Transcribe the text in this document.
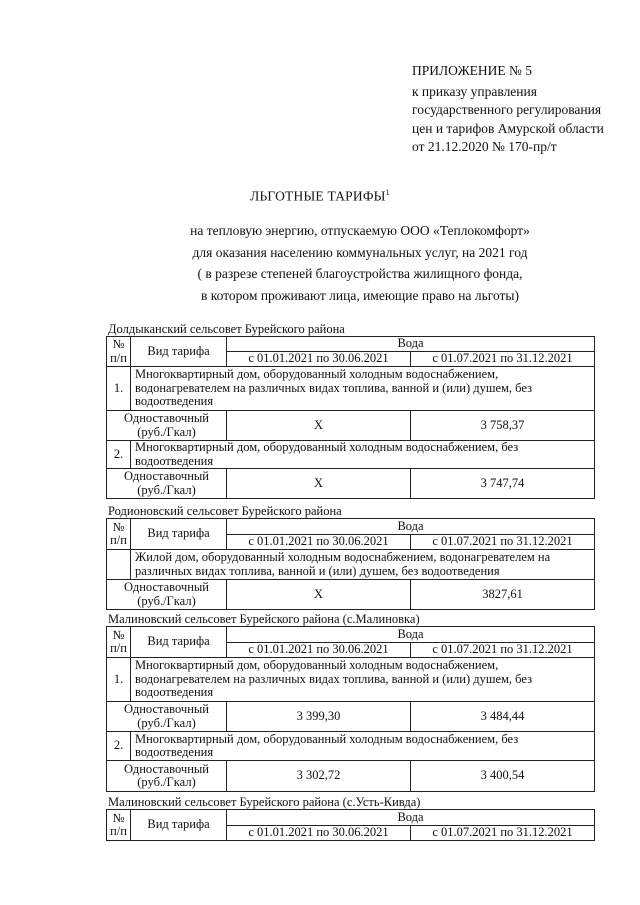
ПРИЛОЖЕНИЕ № 5
к приказу управления
государственного регулирования
цен и тарифов Амурской области
от 21.12.2020 № 170-пр/т
ЛЬГОТНЫЕ ТАРИФЫ$^1$
на тепловую энергию, отпускаемую ООО «Теплокомфорт»
для оказания населению коммунальных услуг, на 2021 год
( в разрезе степеней благоустройства жилищного фонда,
в котором проживают лица, имеющие право на льготы)
Долдыканский сельсовет Бурейского района
№
п/п	Вид тарифа	Вода	
		с 01.01.2021 по 30.06.2021	с 01.07.2021 по 31.12.2021
1.	Многоквартирный дом, оборудованный холодным водоснабжением, водонагревателем на различных видах топлива, ванной и (или) душем, без водоотведения		
Одноставочный
(руб./Гкал)		Х	3 758,37
2.	Многоквартирный дом, оборудованный холодным водоснабжением, без водоотведения		
Одноставочный
(руб./Гкал)		Х	3 747,74
Родионовский сельсовет Бурейского района
№
п/п	Вид тарифа	Вода	
		с 01.01.2021 по 30.06.2021	с 01.07.2021 по 31.12.2021
	Жилой дом, оборудованный холодным водоснабжением, водонагревателем на различных видах топлива, ванной и (или) душем, без водоотведения		
Одноставочный
(руб./Гкал)		Х	3827,61
Малиновский сельсовет Бурейского района (с.Малиновка)
№
п/п	Вид тарифа	Вода	
		с 01.01.2021 по 30.06.2021	с 01.07.2021 по 31.12.2021
1.	Многоквартирный дом, оборудованный холодным водоснабжением, водонагревателем на различных видах топлива, ванной и (или) душем, без водоотведения		
Одноставочный
(руб./Гкал)		3 399,30	3 484,44
2.	Многоквартирный дом, оборудованный холодным водоснабжением, без водоотведения		
Одноставочный
(руб./Гкал)		3 302,72	3 400,54
Малиновский сельсовет Бурейского района (с.Усть-Кивда)
№
п/п	Вид тарифа	Вода	
		с 01.01.2021 по 30.06.2021	с 01.07.2021 по 31.12.2021
